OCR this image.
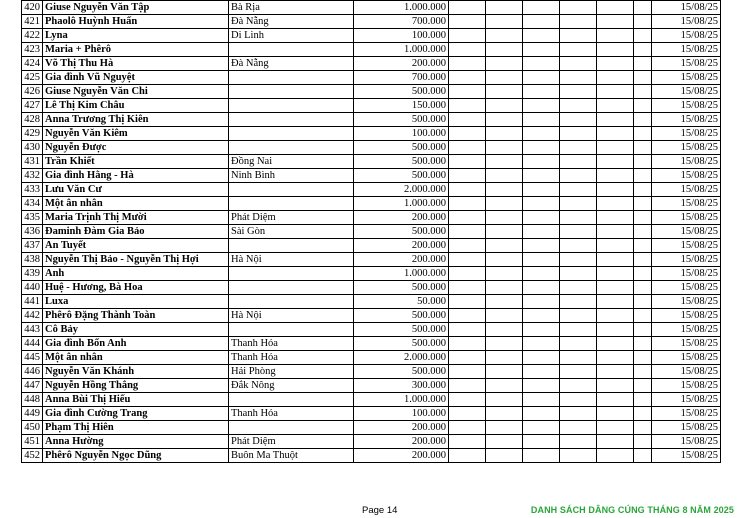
420	Giuse Nguyễn Văn Tập	Bà Rịa	1.000.000							15/08/25
421	Phaolô Huỳnh Huấn	Đà Nẵng	700.000							15/08/25
422	Lyna	Di Linh	100.000							15/08/25
423	Maria + Phêrô		1.000.000							15/08/25
424	Võ Thị Thu Hà	Đà Nẵng	200.000							15/08/25
425	Gia đình Vũ Nguyệt		700.000							15/08/25
426	Giuse Nguyễn Văn Chi		500.000							15/08/25
427	Lê Thị Kim Châu		150.000							15/08/25
428	Anna Trương Thị Kiên		500.000							15/08/25
429	Nguyễn Văn Kiêm		100.000							15/08/25
430	Nguyễn Được		500.000							15/08/25
431	Trần Khiết	Đồng Nai	500.000							15/08/25
432	Gia đình Hằng - Hà	Ninh Bình	500.000							15/08/25
433	Lưu Văn Cư		2.000.000							15/08/25
434	Một ân nhân		1.000.000							15/08/25
435	Maria Trịnh Thị Mười	Phát Diệm	200.000							15/08/25
436	Đaminh Đàm Gia Bảo	Sài Gòn	500.000							15/08/25
437	An Tuyết		200.000							15/08/25
438	Nguyễn Thị Bảo - Nguyễn Thị Hợi	Hà Nội	200.000							15/08/25
439	Anh		1.000.000							15/08/25
440	Huệ - Hương, Bà Hoa		500.000							15/08/25
441	Luxa		50.000							15/08/25
442	Phêrô Đặng Thành Toàn	Hà Nội	500.000							15/08/25
443	Cô Bảy		500.000							15/08/25
444	Gia đình Bốn Anh	Thanh Hóa	500.000							15/08/25
445	Một ân nhân	Thanh Hóa	2.000.000							15/08/25
446	Nguyễn Văn Khánh	Hải Phòng	500.000							15/08/25
447	Nguyễn Hồng Thắng	Đắk Nông	300.000							15/08/25
448	Anna Bùi Thị Hiếu		1.000.000							15/08/25
449	Gia đình Cường Trang	Thanh Hóa	100.000							15/08/25
450	Phạm Thị Hiên		200.000							15/08/25
451	Anna Hường	Phát Diệm	200.000							15/08/25
452	Phêrô Nguyễn Ngọc Dũng	Buôn Ma Thuột	200.000							15/08/25
Page 14	DANH SÁCH DÂNG CÚNG THÁNG 8 NĂM 2025
